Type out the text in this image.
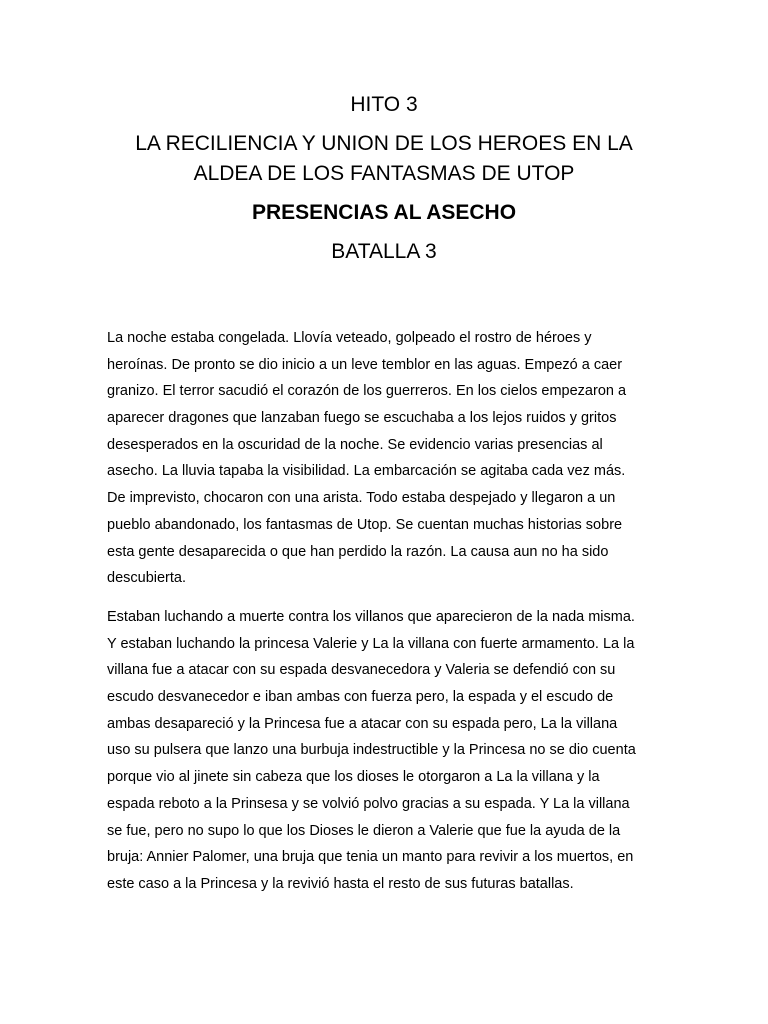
HITO 3
LA RECILIENCIA Y UNION DE LOS HEROES EN LA
ALDEA DE LOS FANTASMAS DE UTOP
PRESENCIAS AL ASECHO
BATALLA 3
La noche estaba congelada. Llovía veteado, golpeado el rostro de héroes y
heroínas. De pronto se dio inicio a un leve temblor en las aguas. Empezó a caer
granizo. El terror sacudió el corazón de los guerreros. En los cielos empezaron a
aparecer dragones que lanzaban fuego se escuchaba a los lejos ruidos y gritos
desesperados en la oscuridad de la noche. Se evidencio varias presencias al
asecho. La lluvia tapaba la visibilidad. La embarcación se agitaba cada vez más.
De imprevisto, chocaron con una arista. Todo estaba despejado y llegaron a un
pueblo abandonado, los fantasmas de Utop. Se cuentan muchas historias sobre
esta gente desaparecida o que han perdido la razón. La causa aun no ha sido
descubierta.
Estaban luchando a muerte contra los villanos que aparecieron de la nada misma.
Y estaban luchando la princesa Valerie y La la villana con fuerte armamento. La la
villana fue a atacar con su espada desvanecedora y Valeria se defendió con su
escudo desvanecedor e iban ambas con fuerza pero, la espada y el escudo de
ambas desapareció y la Princesa fue a atacar con su espada pero, La la villana
uso su pulsera que lanzo una burbuja indestructible y la Princesa no se dio cuenta
porque vio al jinete sin cabeza que los dioses le otorgaron a La la villana y la
espada reboto a la Prinsesa y se volvió polvo gracias a su espada. Y La la villana
se fue, pero no supo lo que los Dioses le dieron a Valerie que fue la ayuda de la
bruja: Annier Palomer, una bruja que tenia un manto para revivir a los muertos, en
este caso a la Princesa y la revivió hasta el resto de sus futuras batallas.
